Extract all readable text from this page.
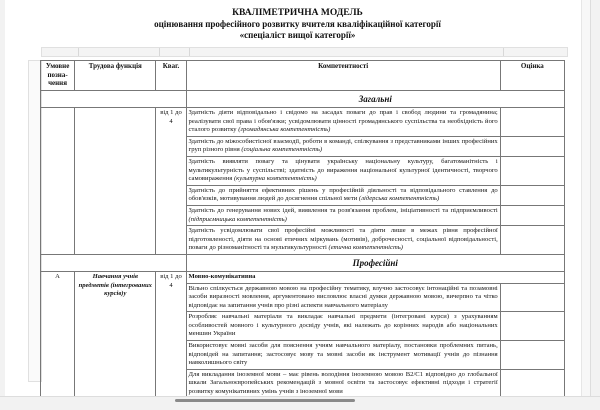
КВАЛІМЕТРИЧНА МОДЕЛЬ
оцінювання професійного розвитку вчителя кваліфікаційної категорії
«спеціаліст вищої категорії»
Умовне позна-чення	Трудова функція	Кваг.	Компетентності	Оцінка
			Загальні	
		від 1 до 4	Здатність діяти відповідально і свідомо на засадах поваги до прав і свобод людини та громадянина; реалізувати свої права і обов'язки; усвідомлювати цінності громадянського суспільства та необхідність його сталого розвитку (громадянська компетентність)	
			Здатність до міжособистісної взаємодії, роботи в команді, спілкування з представниками інших професійних груп різного рівня (соціальна компетентність)	
			Здатність виявляти повагу та цінувати українську національну культуру, багатоманітність і мультикультурність у суспільстві; здатність до вираження національної культурної ідентичності, творчого самовираження (культурна компетентність)	
			Здатність до прийняття ефективних рішень у професійній діяльності та відповідального ставлення до обов'язків, мотивування людей до досягнення спільної мети (лідерська компетентність)	
			Здатність до генерування нових ідей, виявлення та розв'язання проблем, ініціативності та підприємливості (підприємницька компетентність)	
			Здатність усвідомлювати свої професійні можливості та діяти лише в межах рівня професійної підготовленості, діяти на основі етичних міркувань (мотивів), доброчесності, соціальної відповідальності, поваги до різноманітності та мультикультурності (етична компетентність)	
			Професійні	
А	Навчання учнів предметів (інтегрованих курсів)у	від 1 до 4	Мовно-комунікативна	
			Вільно спілкується державною мовою на професійну тематику, влучно застосовує інтонаційні та позамовні засоби виразності мовлення, аргументовано висловлює власні думки державною мовою, вичерпно та чітко відповідає на запитання учнів про різні аспекти навчального матеріалу	
			Розробляє навчальні матеріали та викладає навчальні предмети (інтегровані курси) з урахуванням особливостей мовного і культурного досвіду учнів, які належать до корінних народів або національних меншин України	
			Використовує мовні засоби для пояснення учням навчального матеріалу, постановки проблемних питань, відповідей на запитання; застосовує мову та мовні засоби як інструмент мотивації учнів до пізнання навколишнього світу	
			Для викладання іноземної мови – має рівень володіння іноземною мовою В2/С1 відповідно до глобальної шкали Загальноєвропейських рекомендацій з мовної освіти та застосовує ефективні підходи і стратегії розвитку комунікативних умінь учнів з іноземної мови	
